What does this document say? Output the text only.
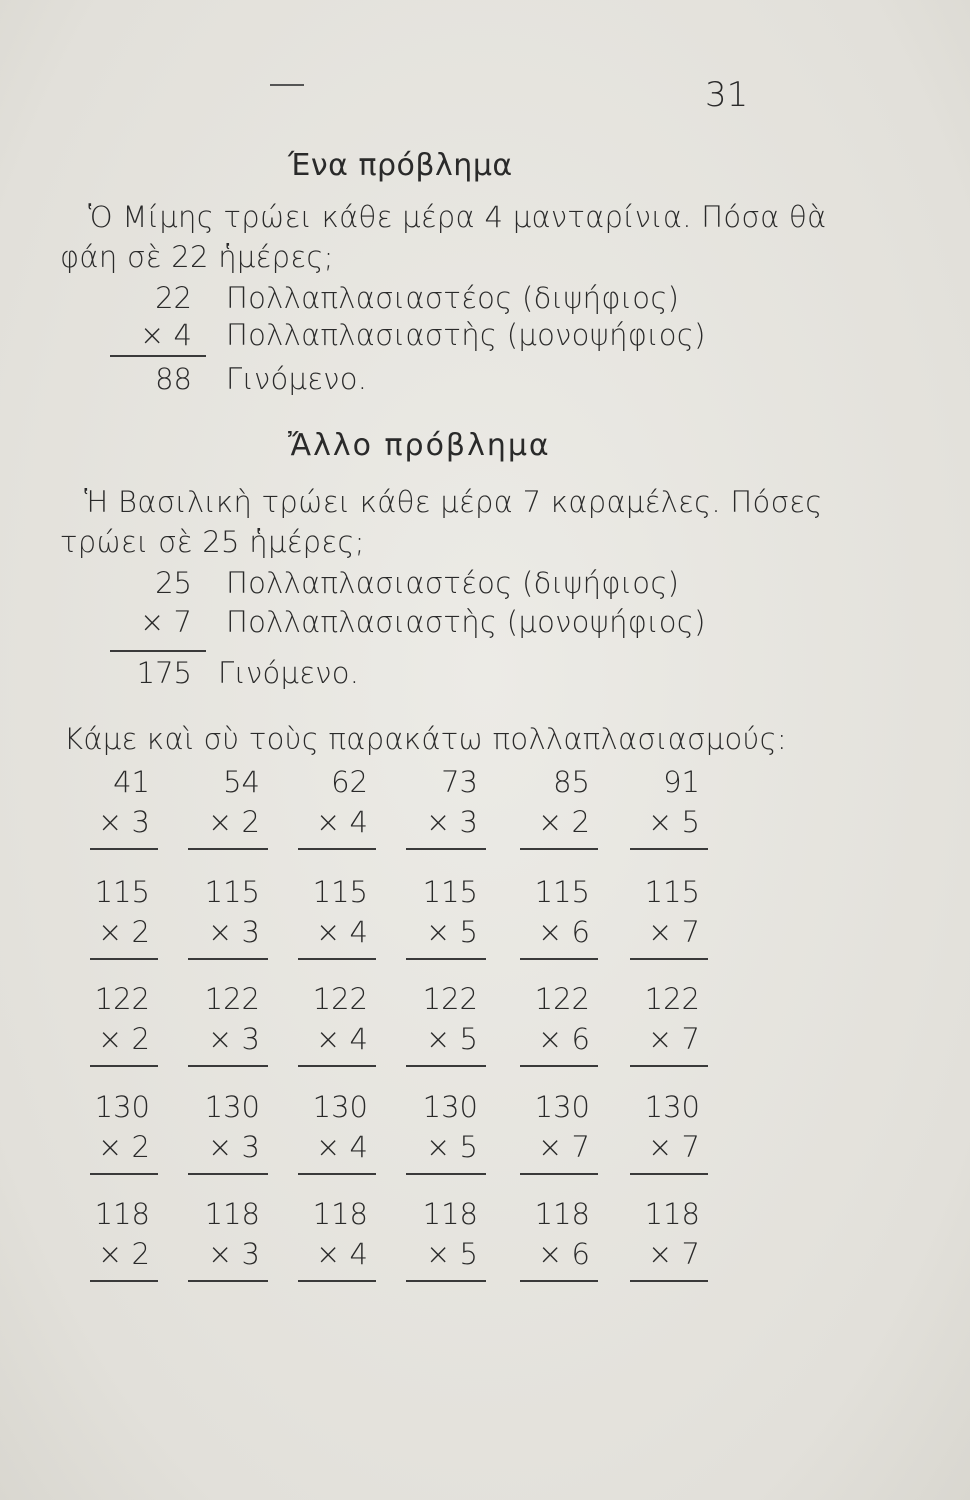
31
Ένα πρόβλημα
Ὁ Μίμης τρώει κάθε μέρα 4 μανταρίνια. Πόσα θὰ
φάη σὲ 22 ἡμέρες;
22 Πολλαπλασιαστέος (διψήφιος)
× 4 Πολλαπλασιαστὴς (μονοψήφιος)
88 Γινόμενο.
Ἄλλο πρόβλημα
Ἡ Βασιλικὴ τρώει κάθε μέρα 7 καραμέλες. Πόσες
τρώει σὲ 25 ἡμέρες;
25 Πολλαπλασιαστέος (διψήφιος)
× 7 Πολλαπλασιαστὴς (μονοψήφιος)
175 Γινόμενο.
Κάμε καὶ σὺ τοὺς παρακάτω πολλαπλασιασμούς:
41
× 3
54
× 2
62
× 4
73
× 3
85
× 2
91
× 5
115
× 2
115
× 3
115
× 4
115
× 5
115
× 6
115
× 7
122
× 2
122
× 3
122
× 4
122
× 5
122
× 6
122
× 7
130
× 2
130
× 3
130
× 4
130
× 5
130
× 7
130
× 7
118
× 2
118
× 3
118
× 4
118
× 5
118
× 6
118
× 7
